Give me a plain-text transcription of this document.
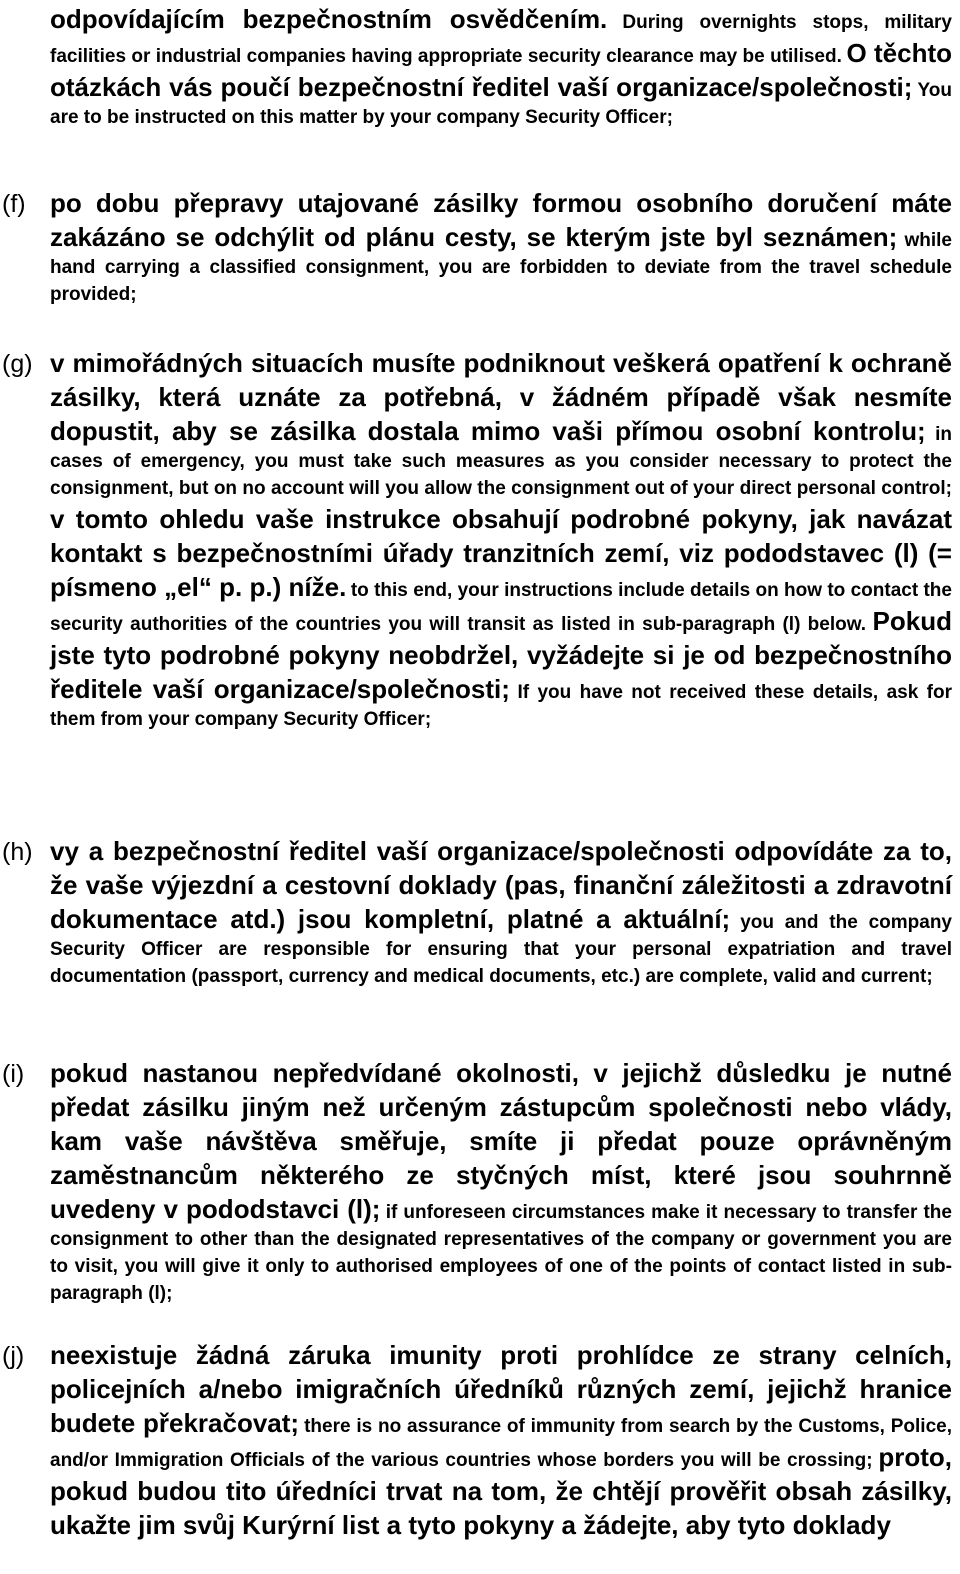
odpovídajícím bezpečnostním osvědčením. During overnights stops, military facilities or industrial companies having appropriate security clearance may be utilised. O těchto otázkách vás poučí bezpečnostní ředitel vaší organizace/společnosti; You are to be instructed on this matter by your company Security Officer;
(f) po dobu přepravy utajované zásilky formou osobního doručení máte zakázáno se odchýlit od plánu cesty, se kterým jste byl seznámen; while hand carrying a classified consignment, you are forbidden to deviate from the travel schedule provided;
(g) v mimořádných situacích musíte podniknout veškerá opatření k ochraně zásilky, která uznáte za potřebná, v žádném případě však nesmíte dopustit, aby se zásilka dostala mimo vaši přímou osobní kontrolu; in cases of emergency, you must take such measures as you consider necessary to protect the consignment, but on no account will you allow the consignment out of your direct personal control; v tomto ohledu vaše instrukce obsahují podrobné pokyny, jak navázat kontakt s bezpečnostními úřady tranzitních zemí, viz pododstavec (l) (= písmeno „el“ p. p.) níže. to this end, your instructions include details on how to contact the security authorities of the countries you will transit as listed in sub-paragraph (l) below. Pokud jste tyto podrobné pokyny neobdržel, vyžádejte si je od bezpečnostního ředitele vaší organizace/společnosti; If you have not received these details, ask for them from your company Security Officer;
(h) vy a bezpečnostní ředitel vaší organizace/společnosti odpovídáte za to, že vaše výjezdní a cestovní doklady (pas, finanční záležitosti a zdravotní dokumentace atd.) jsou kompletní, platné a aktuální; you and the company Security Officer are responsible for ensuring that your personal expatriation and travel documentation (passport, currency and medical documents, etc.) are complete, valid and current;
(i) pokud nastanou nepředvídané okolnosti, v jejichž důsledku je nutné předat zásilku jiným než určeným zástupcům společnosti nebo vlády, kam vaše návštěva směřuje, smíte ji předat pouze oprávněným zaměstnancům některého ze styčných míst, které jsou souhrnně uvedeny v pododstavci (l); if unforeseen circumstances make it necessary to transfer the consignment to other than the designated representatives of the company or government you are to visit, you will give it only to authorised employees of one of the points of contact listed in sub-paragraph (l);
(j) neexistuje žádná záruka imunity proti prohlídce ze strany celních, policejních a/nebo imigračních úředníků různých zemí, jejichž hranice budete překračovat; there is no assurance of immunity from search by the Customs, Police, and/or Immigration Officials of the various countries whose borders you will be crossing; proto, pokud budou tito úředníci trvat na tom, že chtějí prověřit obsah zásilky, ukažte jim svůj Kurýrní list a tyto pokyny a žádejte, aby tyto doklady
